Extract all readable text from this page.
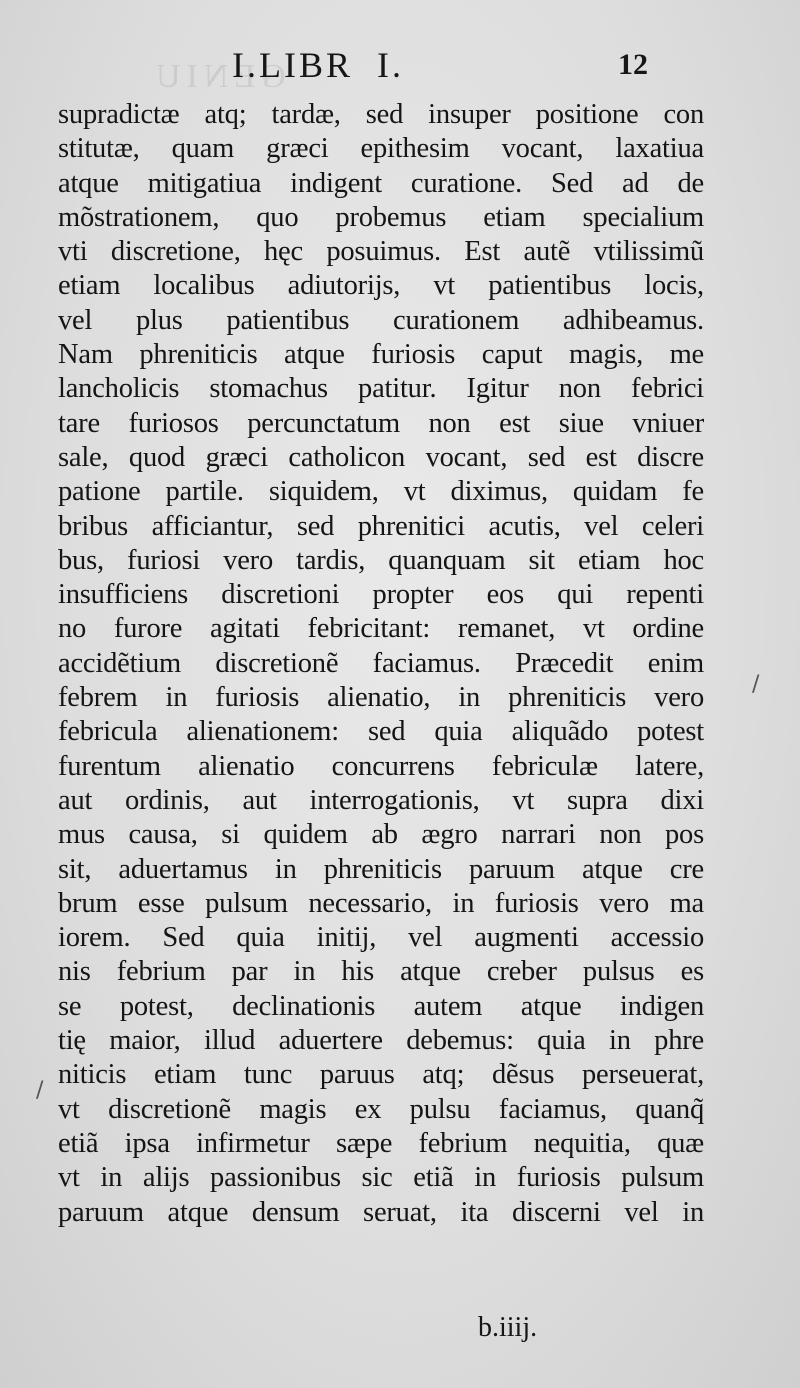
GENIU
I.LIBR  I.	12
supradictæ atq; tardæ, sed insuper positione con
stitutæ, quam græci epithesim vocant, laxatiua
atque mitigatiua indigent curatione. Sed ad de
mõstrationem, quo probemus etiam specialium
vti discretione, hęc posuimus. Est autẽ vtilissimũ
etiam localibus adiutorijs, vt patientibus locis,
vel plus patientibus curationem adhibeamus.
Nam phreniticis atque furiosis caput magis, me
lancholicis stomachus patitur. Igitur non febrici
tare furiosos percunctatum non est siue vniuer
sale, quod græci catholicon vocant, sed est discre
patione partile. siquidem, vt diximus, quidam fe
bribus afficiantur, sed phrenitici acutis, vel celeri
bus, furiosi vero tardis, quanquam sit etiam hoc
insufficiens discretioni propter eos qui repenti
no furore agitati febricitant: remanet, vt ordine
accidẽtium discretionẽ faciamus. Præcedit enim
febrem in furiosis alienatio, in phreniticis vero
febricula alienationem: sed quia aliquãdo potest
furentum alienatio concurrens febriculæ latere,
aut ordinis, aut interrogationis, vt supra dixi
mus causa, si quidem ab ægro narrari non pos
sit, aduertamus in phreniticis paruum atque cre
brum esse pulsum necessario, in furiosis vero ma
iorem. Sed quia initij, vel augmenti accessio
nis febrium par in his atque creber pulsus es
se potest, declinationis autem atque indigen
tię maior, illud aduertere debemus: quia in phre
niticis etiam tunc paruus atq; dẽsus perseuerat,
vt discretionẽ magis ex pulsu faciamus, quanq̃
etiã ipsa infirmetur sæpe febrium nequitia, quæ
vt in alijs passionibus sic etiã in furiosis pulsum
paruum atque densum seruat, ita discerni vel in
b.iiij.
/
/
